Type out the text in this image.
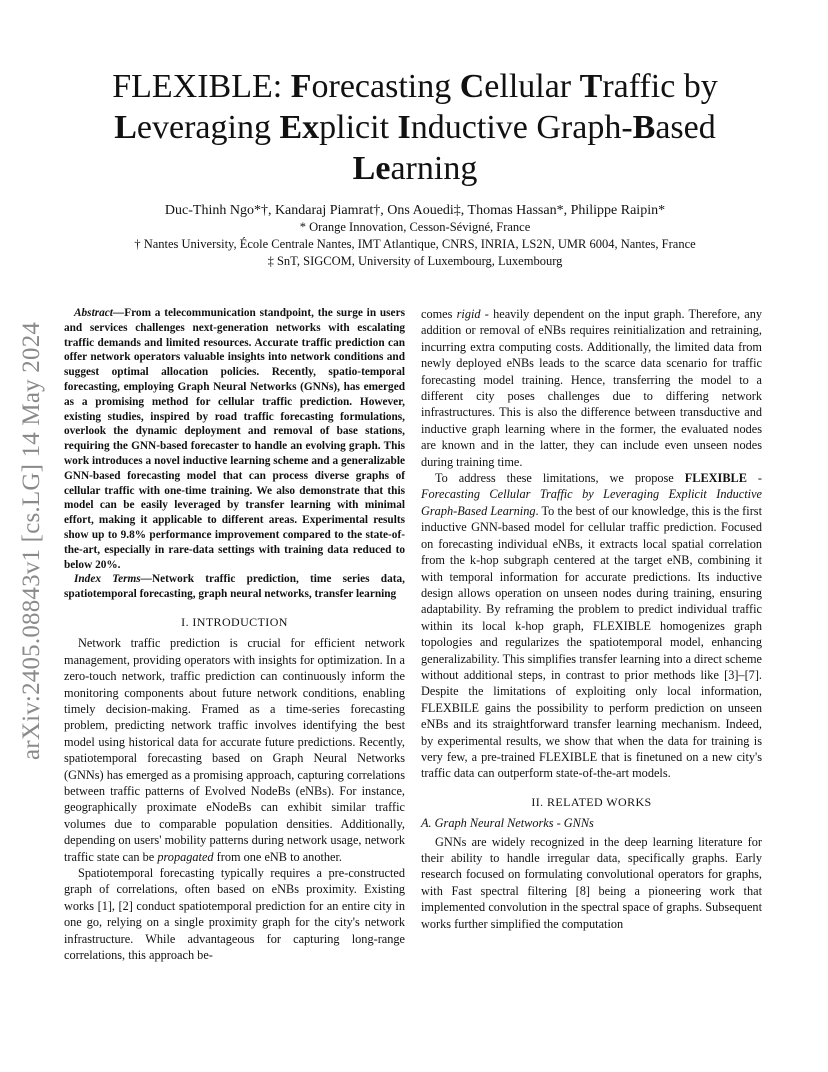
arXiv:2405.08843v1 [cs.LG] 14 May 2024
FLEXIBLE: Forecasting Cellular Traffic by
Leveraging Explicit Inductive Graph-Based
Learning
Duc-Thinh Ngo*†, Kandaraj Piamrat†, Ons Aouedi‡, Thomas Hassan*, Philippe Raipin*
* Orange Innovation, Cesson-Sévigné, France
† Nantes University, École Centrale Nantes, IMT Atlantique, CNRS, INRIA, LS2N, UMR 6004, Nantes, France
‡ SnT, SIGCOM, University of Luxembourg, Luxembourg

Abstract—From a telecommunication standpoint, the surge in users and services challenges next-generation networks with escalating traffic demands and limited resources. Accurate traffic prediction can offer network operators valuable insights into network conditions and suggest optimal allocation policies. Recently, spatio-temporal forecasting, employing Graph Neural Networks (GNNs), has emerged as a promising method for cellular traffic prediction. However, existing studies, inspired by road traffic forecasting formulations, overlook the dynamic deployment and removal of base stations, requiring the GNN-based forecaster to handle an evolving graph. This work introduces a novel inductive learning scheme and a generalizable GNN-based forecasting model that can process diverse graphs of cellular traffic with one-time training. We also demonstrate that this model can be easily leveraged by transfer learning with minimal effort, making it applicable to different areas. Experimental results show up to 9.8% performance improvement compared to the state-of-the-art, especially in rare-data settings with training data reduced to below 20%.

Index Terms—Network traffic prediction, time series data, spatiotemporal forecasting, graph neural networks, transfer learning

I. INTRODUCTION

Network traffic prediction is crucial for efficient network management, providing operators with insights for optimization. In a zero-touch network, traffic prediction can continuously inform the monitoring components about future network conditions, enabling timely decision-making. Framed as a time-series forecasting problem, predicting network traffic involves identifying the best model using historical data for accurate future predictions. Recently, spatiotemporal forecasting based on Graph Neural Networks (GNNs) has emerged as a promising approach, capturing correlations between traffic patterns of Evolved NodeBs (eNBs). For instance, geographically proximate eNodeBs can exhibit similar traffic volumes due to comparable population densities. Additionally, depending on users' mobility patterns during network usage, network traffic state can be propagated from one eNB to another.

Spatiotemporal forecasting typically requires a pre-constructed graph of correlations, often based on eNBs proximity. Existing works [1], [2] conduct spatiotemporal prediction for an entire city in one go, relying on a single proximity graph for the city's network infrastructure. While advantageous for capturing long-range correlations, this approach be-

comes rigid - heavily dependent on the input graph. Therefore, any addition or removal of eNBs requires reinitialization and retraining, incurring extra computing costs. Additionally, the limited data from newly deployed eNBs leads to the scarce data scenario for traffic forecasting model training. Hence, transferring the model to a different city poses challenges due to differing network infrastructures. This is also the difference between transductive and inductive graph learning where in the former, the evaluated nodes are known and in the latter, they can include even unseen nodes during training time.

To address these limitations, we propose FLEXIBLE - Forecasting Cellular Traffic by Leveraging Explicit Inductive Graph-Based Learning. To the best of our knowledge, this is the first inductive GNN-based model for cellular traffic prediction. Focused on forecasting individual eNBs, it extracts local spatial correlation from the k-hop subgraph centered at the target eNB, combining it with temporal information for accurate predictions. Its inductive design allows operation on unseen nodes during training, ensuring adaptability. By reframing the problem to predict individual traffic within its local k-hop graph, FLEXIBLE homogenizes graph topologies and regularizes the spatiotemporal model, enhancing generalizability. This simplifies transfer learning into a direct scheme without additional steps, in contrast to prior methods like [3]–[7]. Despite the limitations of exploiting only local information, FLEXBILE gains the possibility to perform prediction on unseen eNBs and its straightforward transfer learning mechanism. Indeed, by experimental results, we show that when the data for training is very few, a pre-trained FLEXIBLE that is finetuned on a new city's traffic data can outperform state-of-the-art models.

II. RELATED WORKS
A. Graph Neural Networks - GNNs

GNNs are widely recognized in the deep learning literature for their ability to handle irregular data, specifically graphs. Early research focused on formulating convolutional operators for graphs, with Fast spectral filtering [8] being a pioneering work that implemented convolution in the spectral space of graphs. Subsequent works further simplified the computation
